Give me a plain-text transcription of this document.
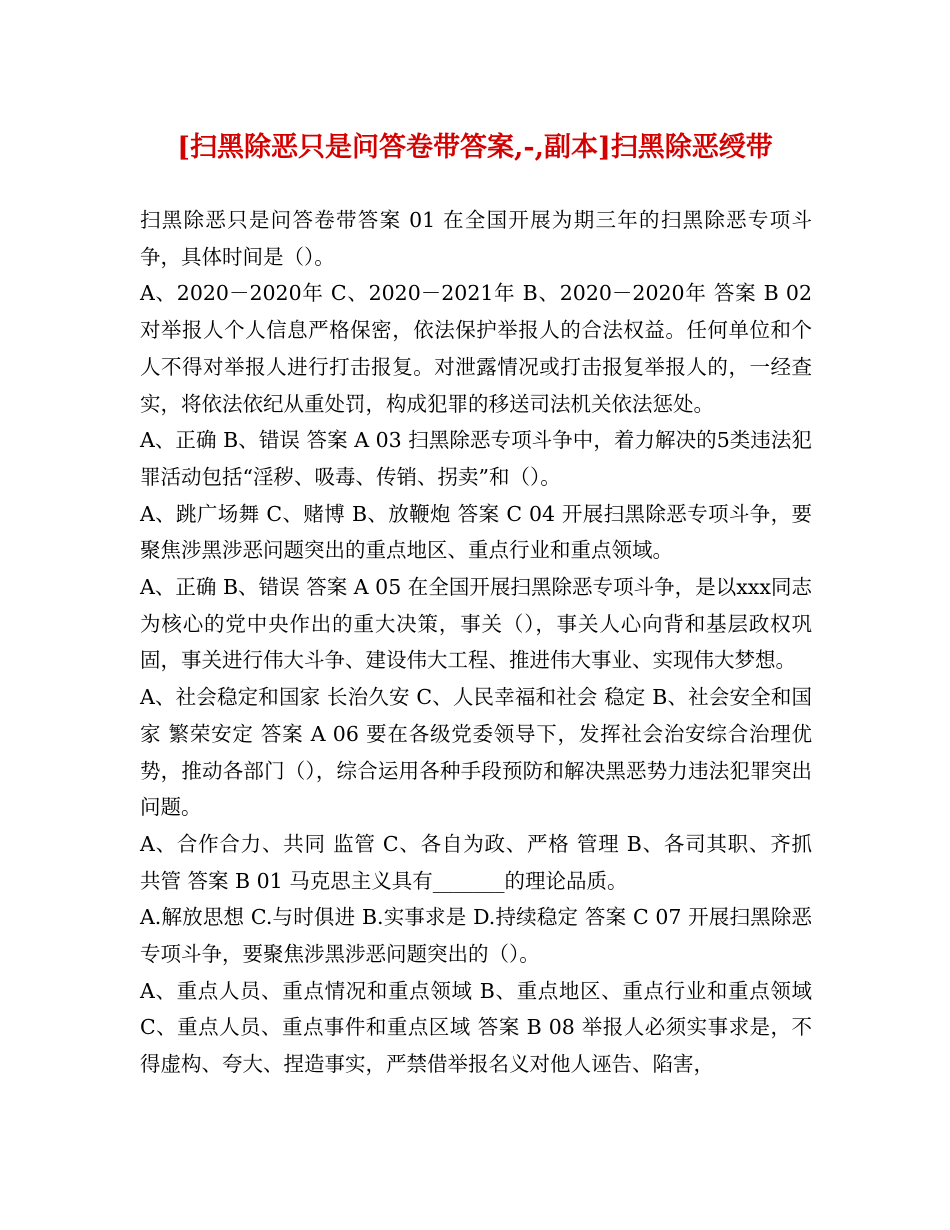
[扫黑除恶只是问答卷带答案,-,副本]扫黑除恶绶带

扫黑除恶只是问答卷带答案 01 在全国开展为期三年的扫黑除恶专项斗争，具体时间是（）。

A、2020－2020年 C、2020－2021年 B、2020－2020年 答案 B 02 对举报人个人信息严格保密，依法保护举报人的合法权益。任何单位和个人不得对举报人进行打击报复。对泄露情况或打击报复举报人的，一经查实，将依法依纪从重处罚，构成犯罪的移送司法机关依法惩处。

A、正确 B、错误 答案 A 03 扫黑除恶专项斗争中，着力解决的5类违法犯罪活动包括“淫秽、吸毒、传销、拐卖”和（）。

A、跳广场舞 C、赌博 B、放鞭炮 答案 C 04 开展扫黑除恶专项斗争，要聚焦涉黑涉恶问题突出的重点地区、重点行业和重点领域。

A、正确 B、错误 答案 A 05 在全国开展扫黑除恶专项斗争，是以xxx同志为核心的党中央作出的重大决策，事关（），事关人心向背和基层政权巩固，事关进行伟大斗争、建设伟大工程、推进伟大事业、实现伟大梦想。

A、社会稳定和国家 长治久安 C、人民幸福和社会 稳定 B、社会安全和国家 繁荣安定 答案 A 06 要在各级党委领导下，发挥社会治安综合治理优势，推动各部门（），综合运用各种手段预防和解决黑恶势力违法犯罪突出问题。

A、合作合力、共同 监管 C、各自为政、严格 管理 B、各司其职、齐抓 共管 答案 B 01 马克思主义具有_______的理论品质。

A.解放思想 C.与时俱进 B.实事求是 D.持续稳定 答案 C 07 开展扫黑除恶专项斗争，要聚焦涉黑涉恶问题突出的（）。

A、重点人员、重点情况和重点领域 B、重点地区、重点行业和重点领域 C、重点人员、重点事件和重点区域 答案 B 08 举报人必须实事求是，不得虚构、夸大、捏造事实，严禁借举报名义对他人诬告、陷害，
